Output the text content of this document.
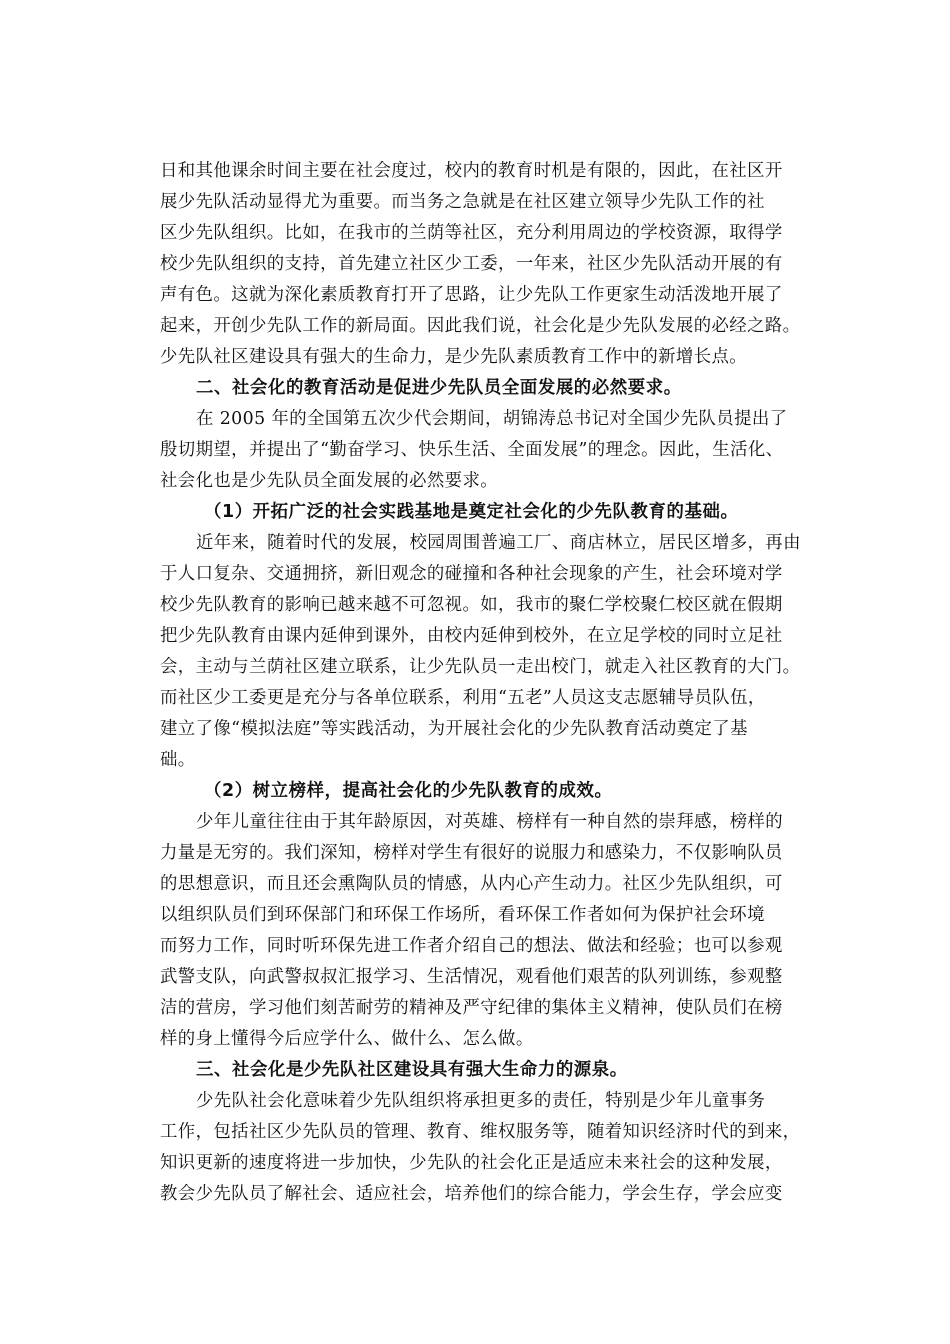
日和其他课余时间主要在社会度过，校内的教育时机是有限的，因此，在社区开
展少先队活动显得尤为重要。而当务之急就是在社区建立领导少先队工作的社
区少先队组织。比如，在我市的兰荫等社区，充分利用周边的学校资源，取得学
校少先队组织的支持，首先建立社区少工委，一年来，社区少先队活动开展的有
声有色。这就为深化素质教育打开了思路，让少先队工作更家生动活泼地开展了
起来，开创少先队工作的新局面。因此我们说，社会化是少先队发展的必经之路。
少先队社区建设具有强大的生命力，是少先队素质教育工作中的新增长点。
二、社会化的教育活动是促进少先队员全面发展的必然要求。
在 2005 年的全国第五次少代会期间，胡锦涛总书记对全国少先队员提出了
殷切期望，并提出了“勤奋学习、快乐生活、全面发展”的理念。因此，生活化、
社会化也是少先队员全面发展的必然要求。
（1）开拓广泛的社会实践基地是奠定社会化的少先队教育的基础。
近年来，随着时代的发展，校园周围普遍工厂、商店林立，居民区增多，再由
于人口复杂、交通拥挤，新旧观念的碰撞和各种社会现象的产生，社会环境对学
校少先队教育的影响已越来越不可忽视。如，我市的聚仁学校聚仁校区就在假期
把少先队教育由课内延伸到课外，由校内延伸到校外，在立足学校的同时立足社
会，主动与兰荫社区建立联系，让少先队员一走出校门，就走入社区教育的大门。
而社区少工委更是充分与各单位联系，利用“五老”人员这支志愿辅导员队伍，
建立了像“模拟法庭”等实践活动，为开展社会化的少先队教育活动奠定了基
础。
（2）树立榜样，提高社会化的少先队教育的成效。
少年儿童往往由于其年龄原因，对英雄、榜样有一种自然的崇拜感，榜样的
力量是无穷的。我们深知，榜样对学生有很好的说服力和感染力，不仅影响队员
的思想意识，而且还会熏陶队员的情感，从内心产生动力。社区少先队组织，可
以组织队员们到环保部门和环保工作场所，看环保工作者如何为保护社会环境
而努力工作，同时听环保先进工作者介绍自己的想法、做法和经验；也可以参观
武警支队，向武警叔叔汇报学习、生活情况，观看他们艰苦的队列训练，参观整
洁的营房，学习他们刻苦耐劳的精神及严守纪律的集体主义精神，使队员们在榜
样的身上懂得今后应学什么、做什么、怎么做。
三、社会化是少先队社区建设具有强大生命力的源泉。
少先队社会化意味着少先队组织将承担更多的责任，特别是少年儿童事务
工作，包括社区少先队员的管理、教育、维权服务等，随着知识经济时代的到来，
知识更新的速度将进一步加快，少先队的社会化正是适应未来社会的这种发展，
教会少先队员了解社会、适应社会，培养他们的综合能力，学会生存，学会应变
